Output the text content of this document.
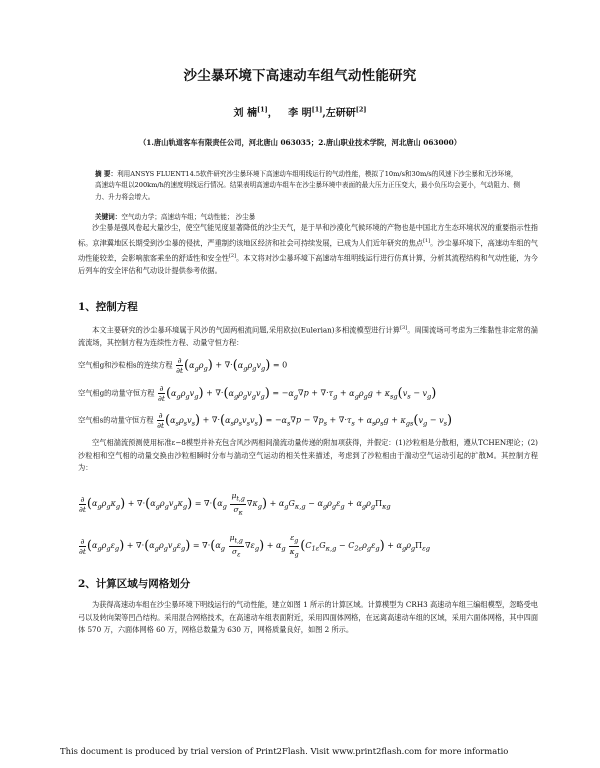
沙尘暴环境下高速动车组气动性能研究
刘 楠[1]， 李 明[1],左研研[2]
（1.唐山轨道客车有限责任公司，河北唐山 063035；2.唐山职业技术学院，河北唐山 063000）
摘 要：利用ANSYS FLUENT14.5软件研究沙尘暴环境下高速动车组明线运行的气动性能，模拟了10m/s和30m/s的风速下沙尘暴和无沙环境，高速动车组以200km/h的速度明线运行情况。结果表明高速动车组车在沙尘暴环境中表面的最大压力正压变大，最小负压均会更小，气动阻力、侧力、升力将会增大。
关键词：空气动力学；高速动车组；气动性能； 沙尘暴
沙尘暴是强风卷起大量沙尘，使空气能见度显著降低的沙尘天气，是于旱和沙漠化气候环境的产物也是中国北方生态环境状况的重要指示性指标。京津冀地区长期受到沙尘暴的侵扰，严重制约该地区经济和社会可持续发展，已成为人们近年研究的焦点[1]。沙尘暴环境下，高速动车组的气动性能较差，会影响旅客乘坐的舒适性和安全性[2]。本文将对沙尘暴环境下高速动车组明线运行进行仿真计算，分析其流程结构和气动性能，为今后列车的安全评估和气动设计提供参考依据。
1、控制方程
本文主要研究的沙尘暴环境属于风沙的气固两相流问题,采用欧拉(Eulerian)多相流模型进行计算[3]。周围流场可考虑为三维黏性非定常的湍流流场，其控制方程为连续性方程、动量守恒方程：
空气相g和沙粒相s的连续方程 $\frac{\partial}{\partial t} (\alpha_g\rho_g) + \nabla\cdot(\alpha_g\rho_gv_g) = 0$
空气相g的动量守恒方程 $\frac{\partial}{\partial t} (\alpha_g\rho_gv_g) + \nabla\cdot(\alpha_g\rho_gv_gv_g) = -\alpha_g\nabla p + \nabla\cdot\tau_g + \alpha_g\rho_gg + \kappa_{sg}(v_s - v_g)$
空气相s的动量守恒方程 $\frac{\partial}{\partial t} (\alpha_s\rho_sv_s) + \nabla\cdot(\alpha_s\rho_sv_sv_s) = -\alpha_s\nabla p - \nabla p_s + \nabla\cdot\tau_s + \alpha_s\rho_sg + \kappa_{gs}(v_g - v_s)$
空气相湍流预测使用标准ε−8模型并补充包含风沙两相间湍流动量传递的附加项获得，并假定：(1)沙粒相是分散相，遵从TCHEN理论；(2)沙粒相和空气相的动量交换由沙粒相瞬时分布与湍动空气运动的相关性来描述，考虑到了沙粒相由于湍动空气运动引起的扩散M。其控制方程为：
$\frac{\partial}{\partial t} (\alpha_g\rho_g\kappa_g) + \nabla\cdot(\alpha_g\rho_gv_g\kappa_g) = \nabla\cdot(\alpha_g \frac{\mu_{t,g}}{\sigma_\kappa} \nabla\kappa_g) + \alpha_gG_{\kappa,g} - \alpha_g\rho_g\varepsilon_g + \alpha_g\rho_g\Pi_{\kappa g}$
$\frac{\partial}{\partial t} (\alpha_g\rho_g\varepsilon_g) + \nabla\cdot(\alpha_g\rho_gv_g\varepsilon_g) = \nabla\cdot(\alpha_g \frac{\mu_{t,g}}{\sigma_\varepsilon} \nabla\varepsilon_g) + \alpha_g \frac{\varepsilon_g}{\kappa_g} (C_{1\varepsilon}G_{\kappa,g} - C_{2\varepsilon}\rho_g\varepsilon_g) + \alpha_g\rho_g\Pi_{\varepsilon g}$
2、计算区域与网格划分
为获得高速动车组在沙尘暴环境下明线运行的气动性能，建立如图 1 所示的计算区域。计算模型为 CRH3 高速动车组三编组模型，忽略受电弓以及转向架等凹凸结构。采用混合网格技术，在高速动车组表面附近，采用四面体网格，在远离高速动车组的区域，采用六面体网格，其中四面体 570 万，六面体网格 60 万，网格总数量为 630 万，网格质量良好，如图 2 所示。
This document is produced by trial version of Print2Flash. Visit www.print2flash.com for more informatio
